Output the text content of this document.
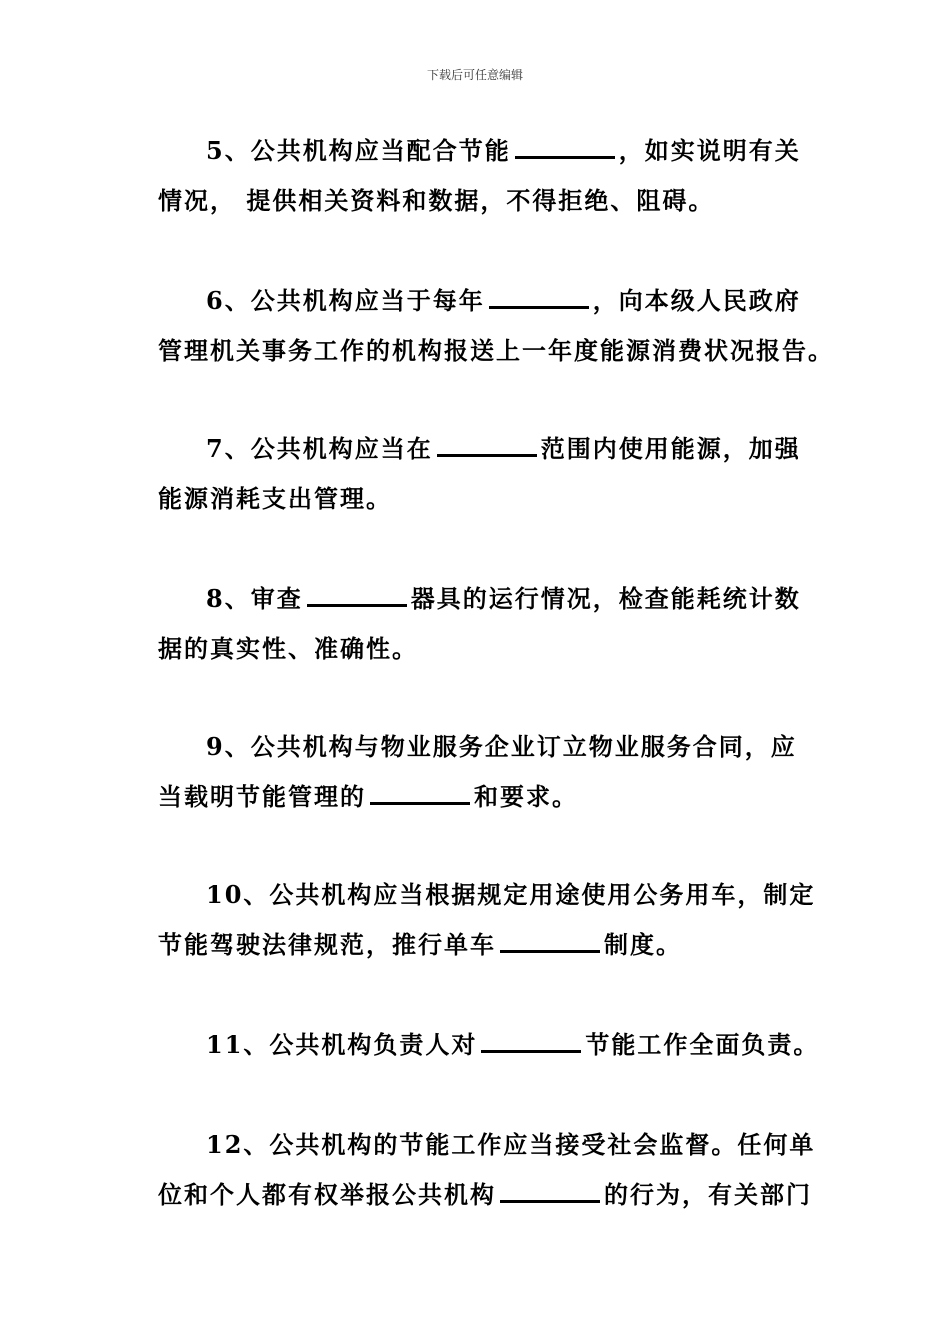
下载后可任意编辑
5、公共机构应当配合节能	，如实说明有关
情况， 提供相关资料和数据，不得拒绝、阻碍。
6、公共机构应当于每年	，向本级人民政府
管理机关事务工作的机构报送上一年度能源消费状况报告。
7、公共机构应当在	范围内使用能源，加强
能源消耗支出管理。
8、审查	器具的运行情况，检查能耗统计数
据的真实性、准确性。
9、公共机构与物业服务企业订立物业服务合同，应
当载明节能管理的	和要求。
10、公共机构应当根据规定用途使用公务用车，制定
节能驾驶法律规范，推行单车	制度。
11、公共机构负责人对	节能工作全面负责。
12、公共机构的节能工作应当接受社会监督。任何单
位和个人都有权举报公共机构	的行为，有关部门
